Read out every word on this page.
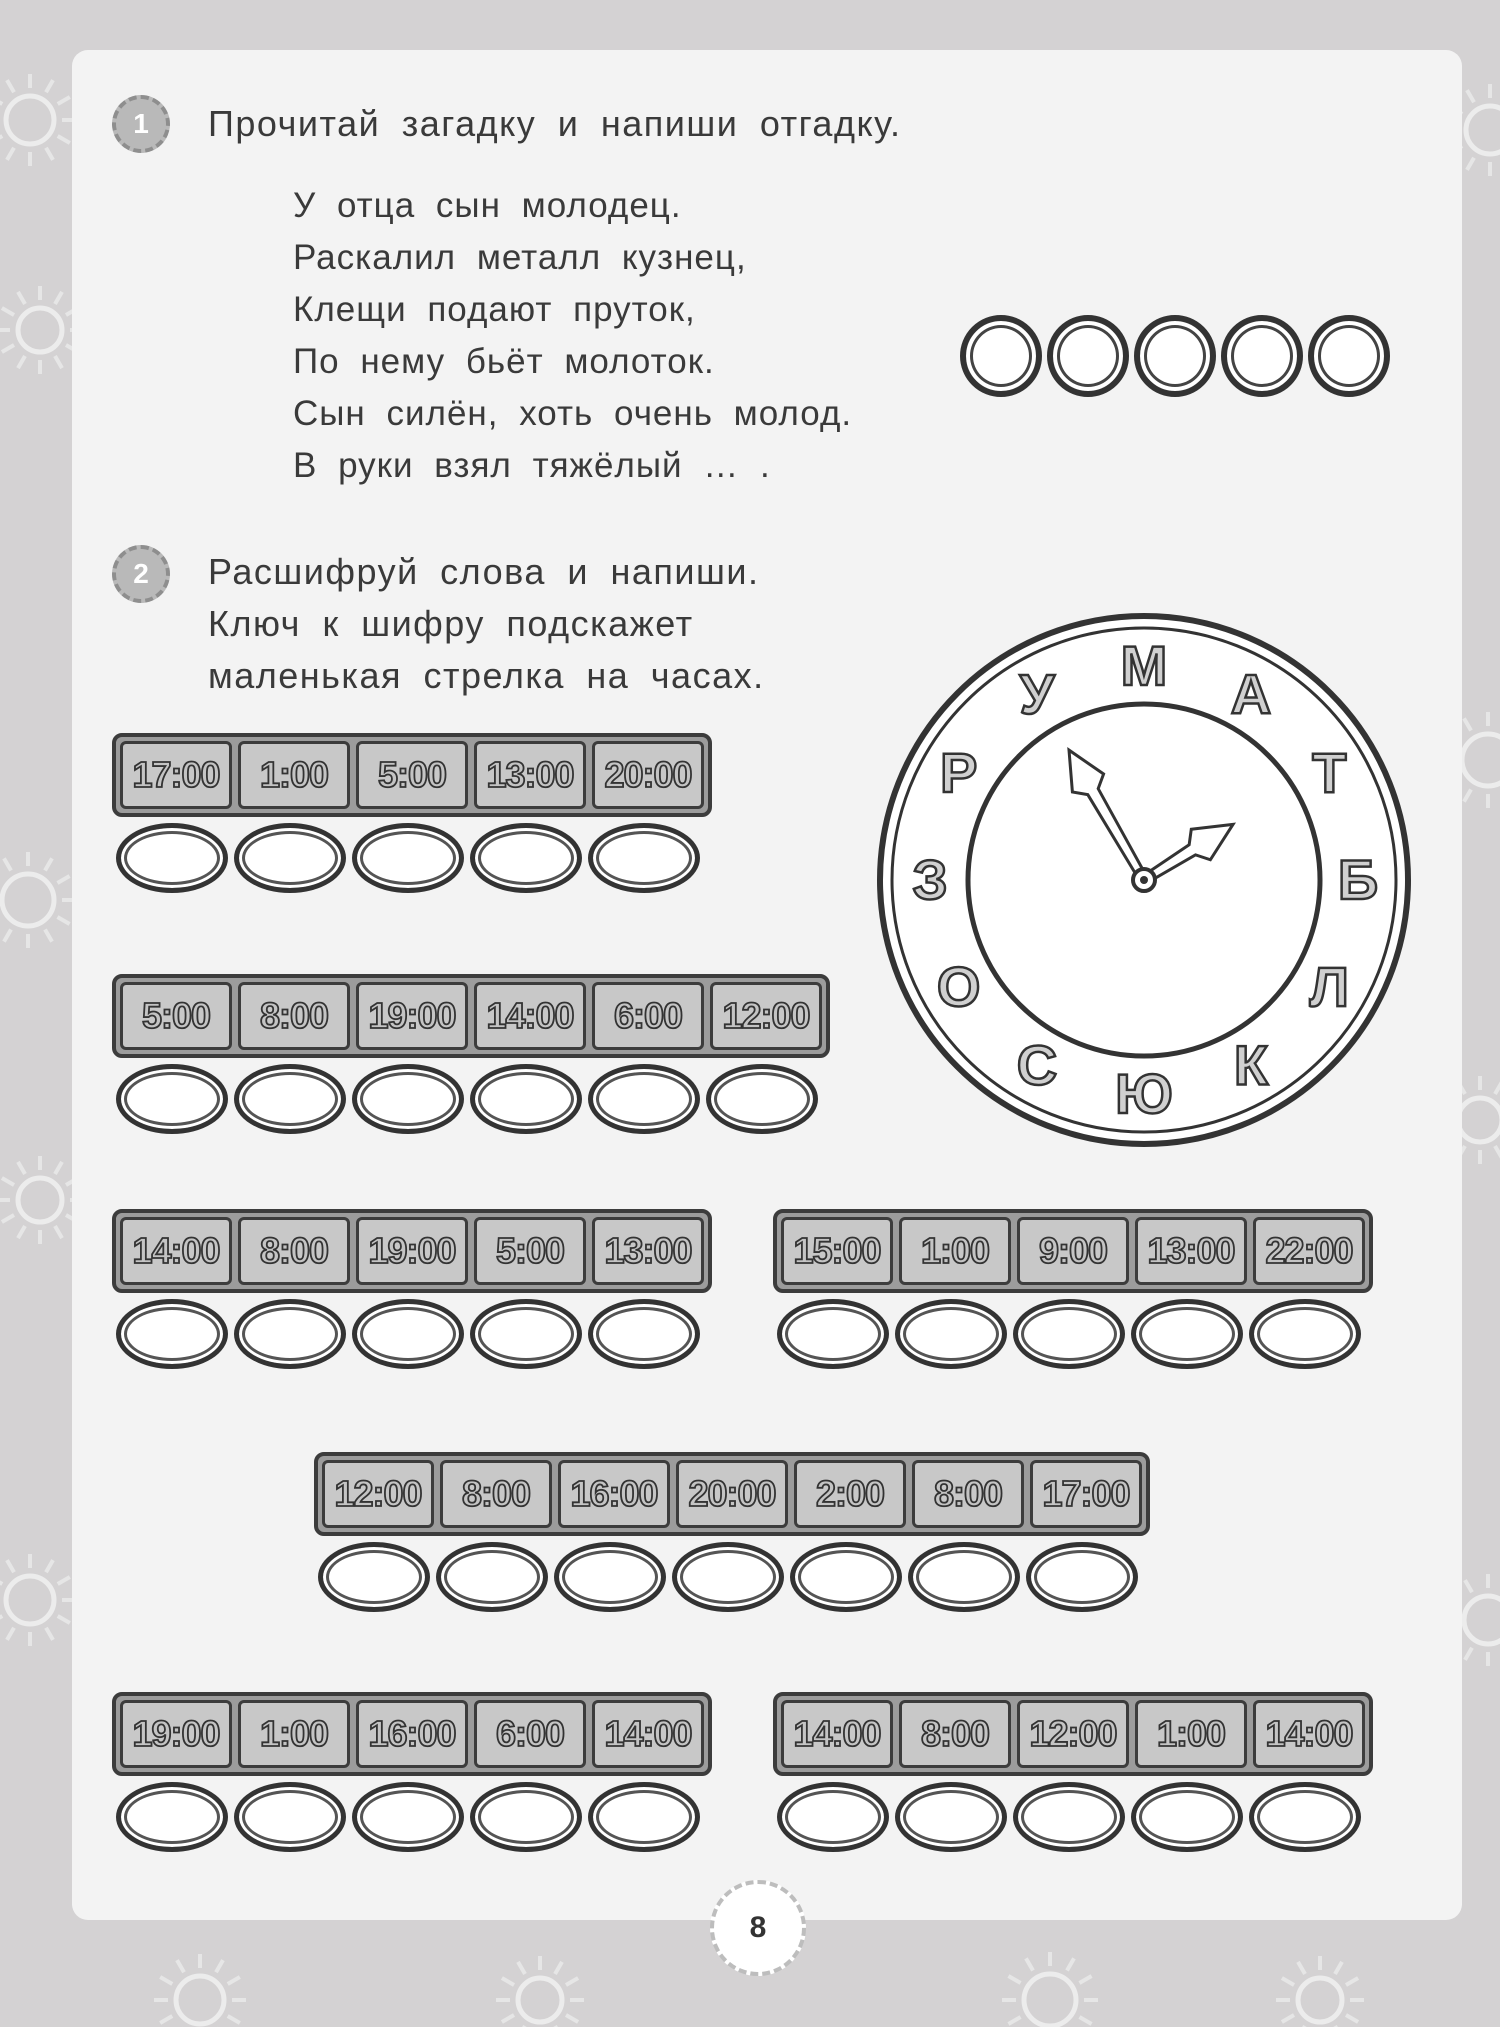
1	Прочитай загадку и напиши отгадку.
У отца сын молодец.
Раскалил металл кузнец,
Клещи подают пруток,
По нему бьёт молоток.
Сын силён, хоть очень молод.
В руки взял тяжёлый … .
2	Расшифруй слова и напиши.
Ключ к шифру подскажет
маленькая стрелка на часах.	М А
Т
Б
Л
К
Ю
С
О
З
Р
У
17:00	1:00	5:00	13:00 20:00
5:00	8:00	19:00 14:00	6:00	12:00
14:00	8:00	19:00	5:00	13:00	15:00	1:00	9:00	13:00 22:00
12:00	8:00	16:00 20:00	2:00	8:00	17:00
19:00	1:00	16:00	6:00	14:00	14:00	8:00	12:00	1:00	14:00
8
